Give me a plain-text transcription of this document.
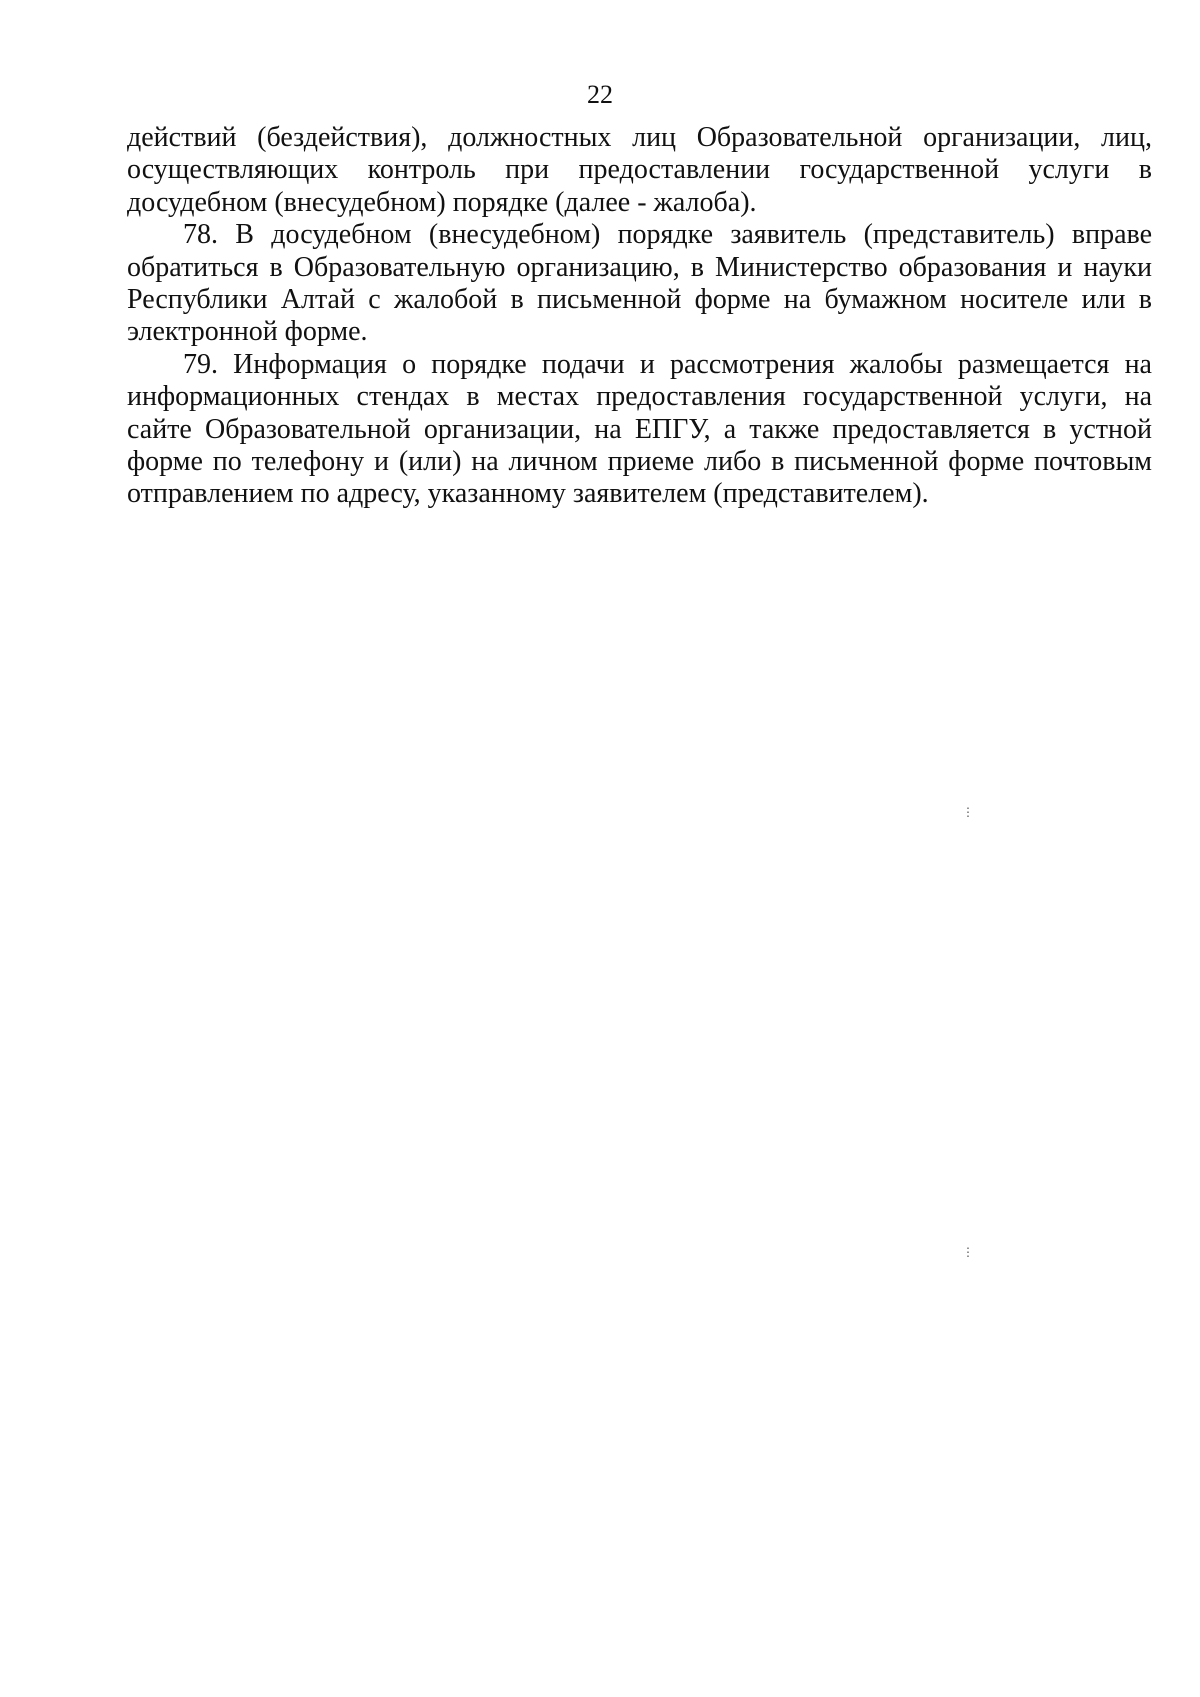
22

действий (бездействия), должностных лиц Образовательной организации, лиц, осуществляющих контроль при предоставлении государственной услуги в досудебном (внесудебном) порядке (далее - жалоба).

78. В досудебном (внесудебном) порядке заявитель (представитель) вправе обратиться в Образовательную организацию, в Министерство образования и науки Республики Алтай с жалобой в письменной форме на бумажном носителе или в электронной форме.

79. Информация о порядке подачи и рассмотрения жалобы размещается на информационных стендах в местах предоставления государственной услуги, на сайте Образовательной организации, на ЕПГУ, а также предоставляется в устной форме по телефону и (или) на личном приеме либо в письменной форме почтовым отправлением по адресу, указанному заявителем (представителем).

⋮
⋮
